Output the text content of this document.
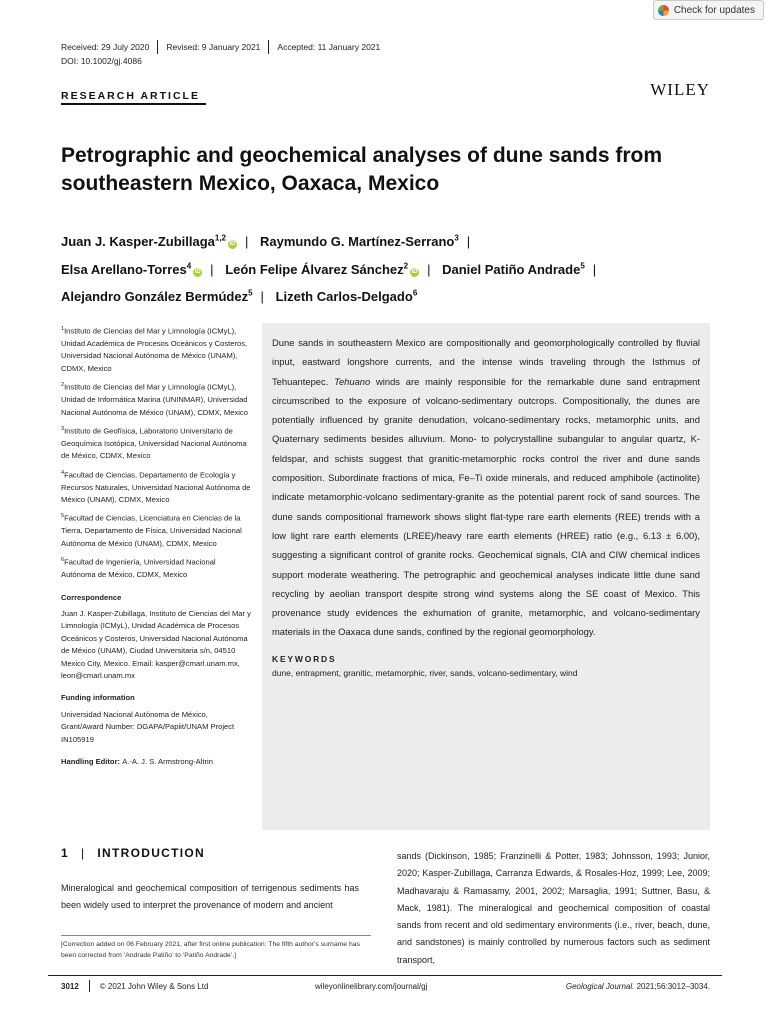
Check for updates
Received: 29 July 2020 Revised: 9 January 2021 Accepted: 11 January 2021
DOI: 10.1002/gj.4086
RESEARCH ARTICLE	WILEY
Petrographic and geochemical analyses of dune sands from southeastern Mexico, Oaxaca, Mexico
Juan J. Kasper-Zubillaga$^{1,2}$iD | Raymundo G. Martínez-Serrano$^3$ |
Elsa Arellano-Torres$^4$iD | León Felipe Álvarez Sánchez$^2$iD | Daniel Patiño Andrade$^5$ |
Alejandro González Bermúdez$^5$ | Lizeth Carlos-Delgado$^6$

$^1$Instituto de Ciencias del Mar y Limnología (ICMyL), Unidad Académica de Procesos Oceánicos y Costeros, Universidad Nacional Autónoma de México (UNAM), CDMX, Mexico

$^2$Instituto de Ciencias del Mar y Limnología (ICMyL), Unidad de Informática Marina (UNINMAR), Universidad Nacional Autónoma de México (UNAM), CDMX, Mexico

$^3$Instituto de Geofísica, Laboratorio Universitario de Geoquímica Isotópica, Universidad Nacional Autónoma de México, CDMX, Mexico

$^4$Facultad de Ciencias, Departamento de Ecología y Recursos Naturales, Universidad Nacional Autónoma de México (UNAM), CDMX, Mexico

$^5$Facultad de Ciencias, Licenciatura en Ciencias de la Tierra, Departamento de Física, Universidad Nacional Autónoma de México (UNAM), CDMX, Mexico

$^6$Facultad de Ingeniería, Universidad Nacional Autónoma de México, CDMX, Mexico

Correspondence

Juan J. Kasper-Zubillaga, Instituto de Ciencias del Mar y Limnología (ICMyL), Unidad Académica de Procesos Oceánicos y Costeros, Universidad Nacional Autónoma de México (UNAM), Ciudad Universitaria s/n, 04510 Mexico City, Mexico. Email: kasper@cmarl.unam.mx, leon@cmarl.unam.mx

Funding information

Universidad Nacional Autónoma de México, Grant/Award Number: DGAPA/Papiit/UNAM Project IN105919

Handling Editor: A.-A. J. S. Armstrong-Altrin

Dune sands in southeastern Mexico are compositionally and geomorphologically controlled by fluvial input, eastward longshore currents, and the intense winds traveling through the Isthmus of Tehuantepec. Tehuano winds are mainly responsible for the remarkable dune sand entrapment circumscribed to the exposure of volcano-sedimentary outcrops. Compositionally, the dunes are potentially influenced by granite denudation, volcano-sedimentary rocks, metamorphic units, and Quaternary sediments besides alluvium. Mono- to polycrystalline subangular to angular quartz, K-feldspar, and schists suggest that granitic-metamorphic rocks control the river and dune sands composition. Subordinate fractions of mica, Fe–Ti oxide minerals, and reduced amphibole (actinolite) indicate metamorphic-volcano sedimentary-granite as the potential parent rock of sand sources. The dune sands compositional framework shows slight flat-type rare earth elements (REE) trends with a low light rare earth elements (LREE)/heavy rare earth elements (HREE) ratio (e.g., 6.13 ± 6.00), suggesting a significant control of granite rocks. Geochemical signals, CIA and CIW chemical indices support moderate weathering. The petrographic and geochemical analyses indicate little dune sand recycling by aeolian transport despite strong wind systems along the SE coast of Mexico. This provenance study evidences the exhumation of granite, metamorphic, and volcano-sedimentary materials in the Oaxaca dune sands, confined by the regional geomorphology.
KEYWORDS
dune, entrapment, granitic, metamorphic, river, sands, volcano-sedimentary, wind
1 | INTRODUCTION
Mineralogical and geochemical composition of terrigenous sediments has been widely used to interpret the provenance of modern and ancient
[Correction added on 06 February 2021, after first online publication: The fifth author's surname has been corrected from ‘Andrade Patiño’ to ‘Patiño Andrade’.]
sands (Dickinson, 1985; Franzinelli & Potter, 1983; Johnsson, 1993; Junior, 2020; Kasper-Zubillaga, Carranza Edwards, & Rosales-Hoz, 1999; Lee, 2009; Madhavaraju & Ramasamy, 2001, 2002; Marsaglia, 1991; Suttner, Basu, & Mack, 1981). The mineralogical and geochemical composition of coastal sands from recent and old sedimentary environments (i.e., river, beach, dune, and sandstones) is mainly controlled by numerous factors such as sediment transport,
3012	© 2021 John Wiley & Sons Ltd	wileyonlinelibrary.com/journal/gj	Geological Journal. 2021;56:3012–3034.
